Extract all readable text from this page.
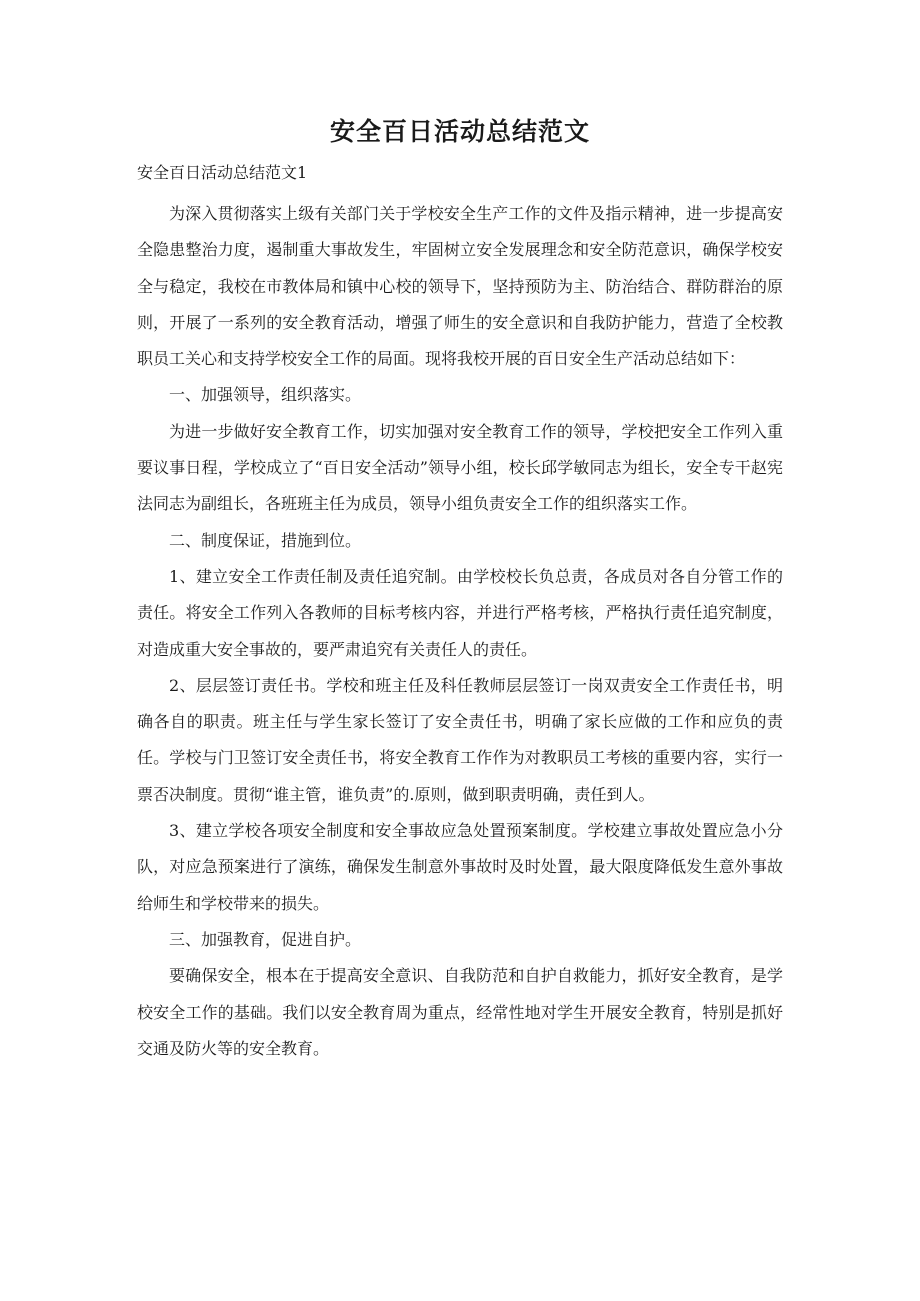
安全百日活动总结范文

安全百日活动总结范文1

为深入贯彻落实上级有关部门关于学校安全生产工作的文件及指示精神，进一步提高安全隐患整治力度，遏制重大事故发生，牢固树立安全发展理念和安全防范意识，确保学校安全与稳定，我校在市教体局和镇中心校的领导下，坚持预防为主、防治结合、群防群治的原则，开展了一系列的安全教育活动，增强了师生的安全意识和自我防护能力，营造了全校教职员工关心和支持学校安全工作的局面。现将我校开展的百日安全生产活动总结如下：

一、加强领导，组织落实。

为进一步做好安全教育工作，切实加强对安全教育工作的领导，学校把安全工作列入重要议事日程，学校成立了“百日安全活动”领导小组，校长邱学敏同志为组长，安全专干赵宪法同志为副组长，各班班主任为成员，领导小组负责安全工作的组织落实工作。

二、制度保证，措施到位。

1、建立安全工作责任制及责任追究制。由学校校长负总责，各成员对各自分管工作的责任。将安全工作列入各教师的目标考核内容，并进行严格考核，严格执行责任追究制度，对造成重大安全事故的，要严肃追究有关责任人的责任。

2、层层签订责任书。学校和班主任及科任教师层层签订一岗双责安全工作责任书，明确各自的职责。班主任与学生家长签订了安全责任书，明确了家长应做的工作和应负的责任。学校与门卫签订安全责任书，将安全教育工作作为对教职员工考核的重要内容，实行一票否决制度。贯彻“谁主管，谁负责”的.原则，做到职责明确，责任到人。

3、建立学校各项安全制度和安全事故应急处置预案制度。学校建立事故处置应急小分队，对应急预案进行了演练，确保发生制意外事故时及时处置，最大限度降低发生意外事故给师生和学校带来的损失。

三、加强教育，促进自护。

要确保安全，根本在于提高安全意识、自我防范和自护自救能力，抓好安全教育，是学校安全工作的基础。我们以安全教育周为重点，经常性地对学生开展安全教育，特别是抓好交通及防火等的安全教育。
